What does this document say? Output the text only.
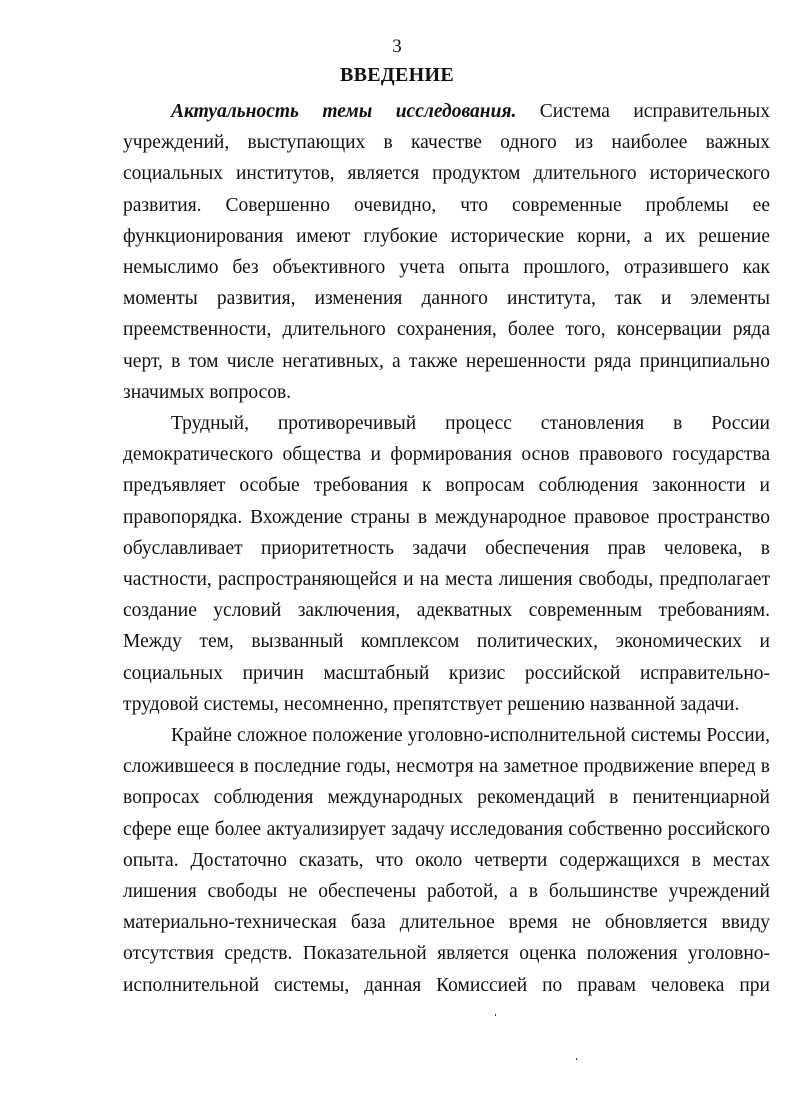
3
ВВЕДЕНИЕ
Актуальность темы исследования. Система исправительных
учреждений, выступающих в качестве одного из наиболее важных
социальных институтов, является продуктом длительного исторического
развития. Совершенно очевидно, что современные проблемы ее
функционирования имеют глубокие исторические корни, а их решение
немыслимо без объективного учета опыта прошлого, отразившего как
моменты развития, изменения данного института, так и элементы
преемственности, длительного сохранения, более того, консервации ряда
черт, в том числе негативных, а также нерешенности ряда принципиально
значимых вопросов.
Трудный, противоречивый процесс становления в России
демократического общества и формирования основ правового государства
предъявляет особые требования к вопросам соблюдения законности и
правопорядка. Вхождение страны в международное правовое пространство
обуславливает приоритетность задачи обеспечения прав человека, в
частности, распространяющейся и на места лишения свободы, предполагает
создание условий заключения, адекватных современным требованиям.
Между тем, вызванный комплексом политических, экономических и
социальных причин масштабный кризис российской исправительно-
трудовой системы, несомненно, препятствует решению названной задачи.
Крайне сложное положение уголовно-исполнительной системы России,
сложившееся в последние годы, несмотря на заметное продвижение вперед в
вопросах соблюдения международных рекомендаций в пенитенциарной
сфере еще более актуализирует задачу исследования собственно российского
опыта. Достаточно сказать, что около четверти содержащихся в местах
лишения свободы не обеспечены работой, а в большинстве учреждений
материально-техническая база длительное время не обновляется ввиду
отсутствия средств. Показательной является оценка положения уголовно-
исполнительной системы, данная Комиссией по правам человека при
